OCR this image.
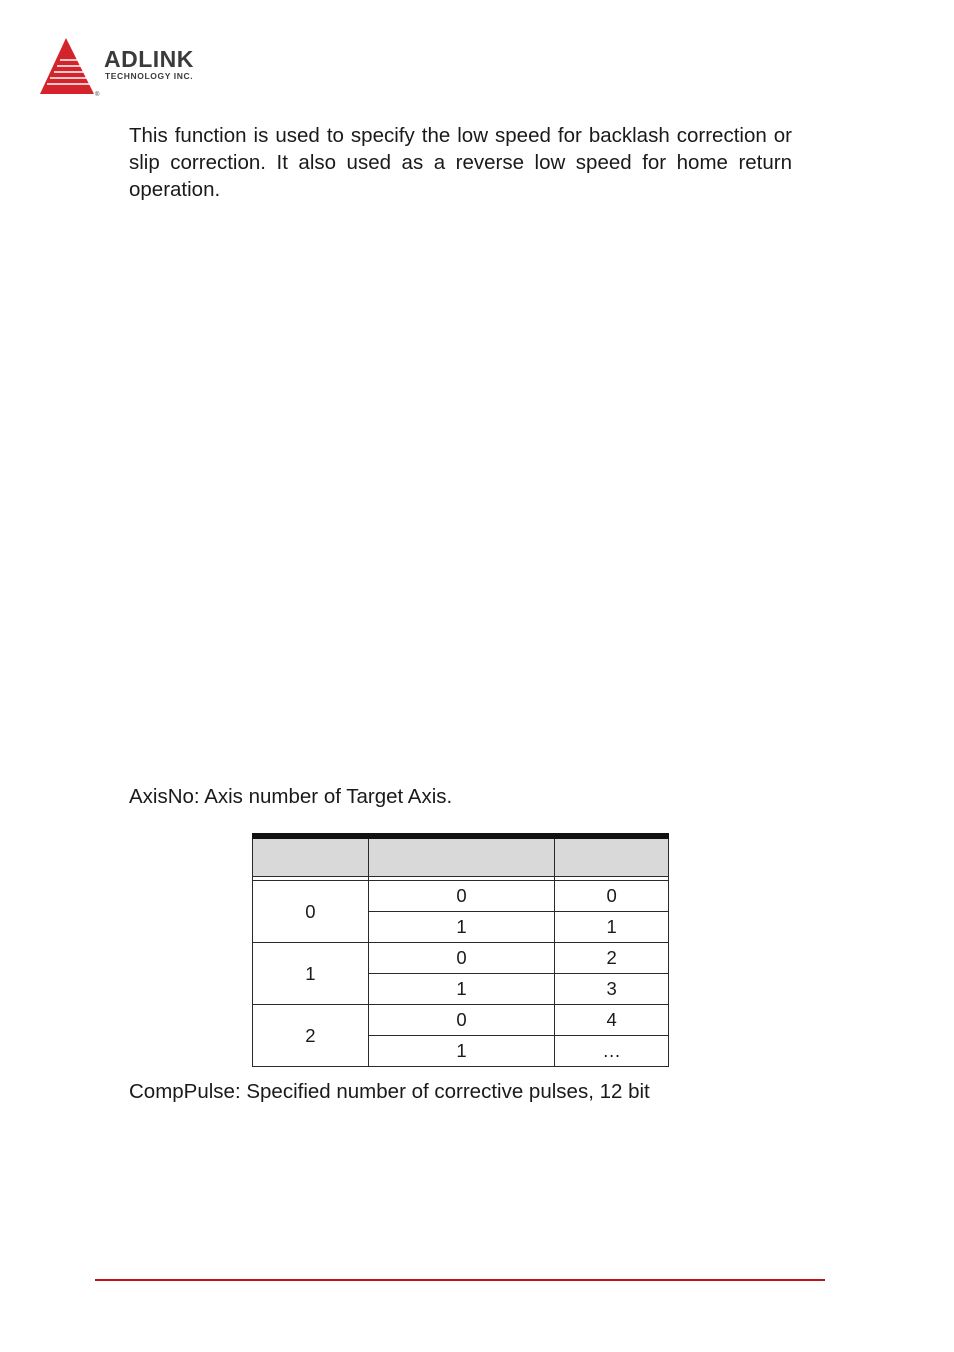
®
ADLINK
TECHNOLOGY INC.

This function is used to specify the low speed for backlash correction or slip correction. It also used as a reverse low speed for home return operation.

AxisNo: Axis number of Target Axis.

0	0	0
	1	1
1	0	2
	1	3
2	0	4
	1	…

CompPulse: Specified number of corrective pulses, 12 bit
